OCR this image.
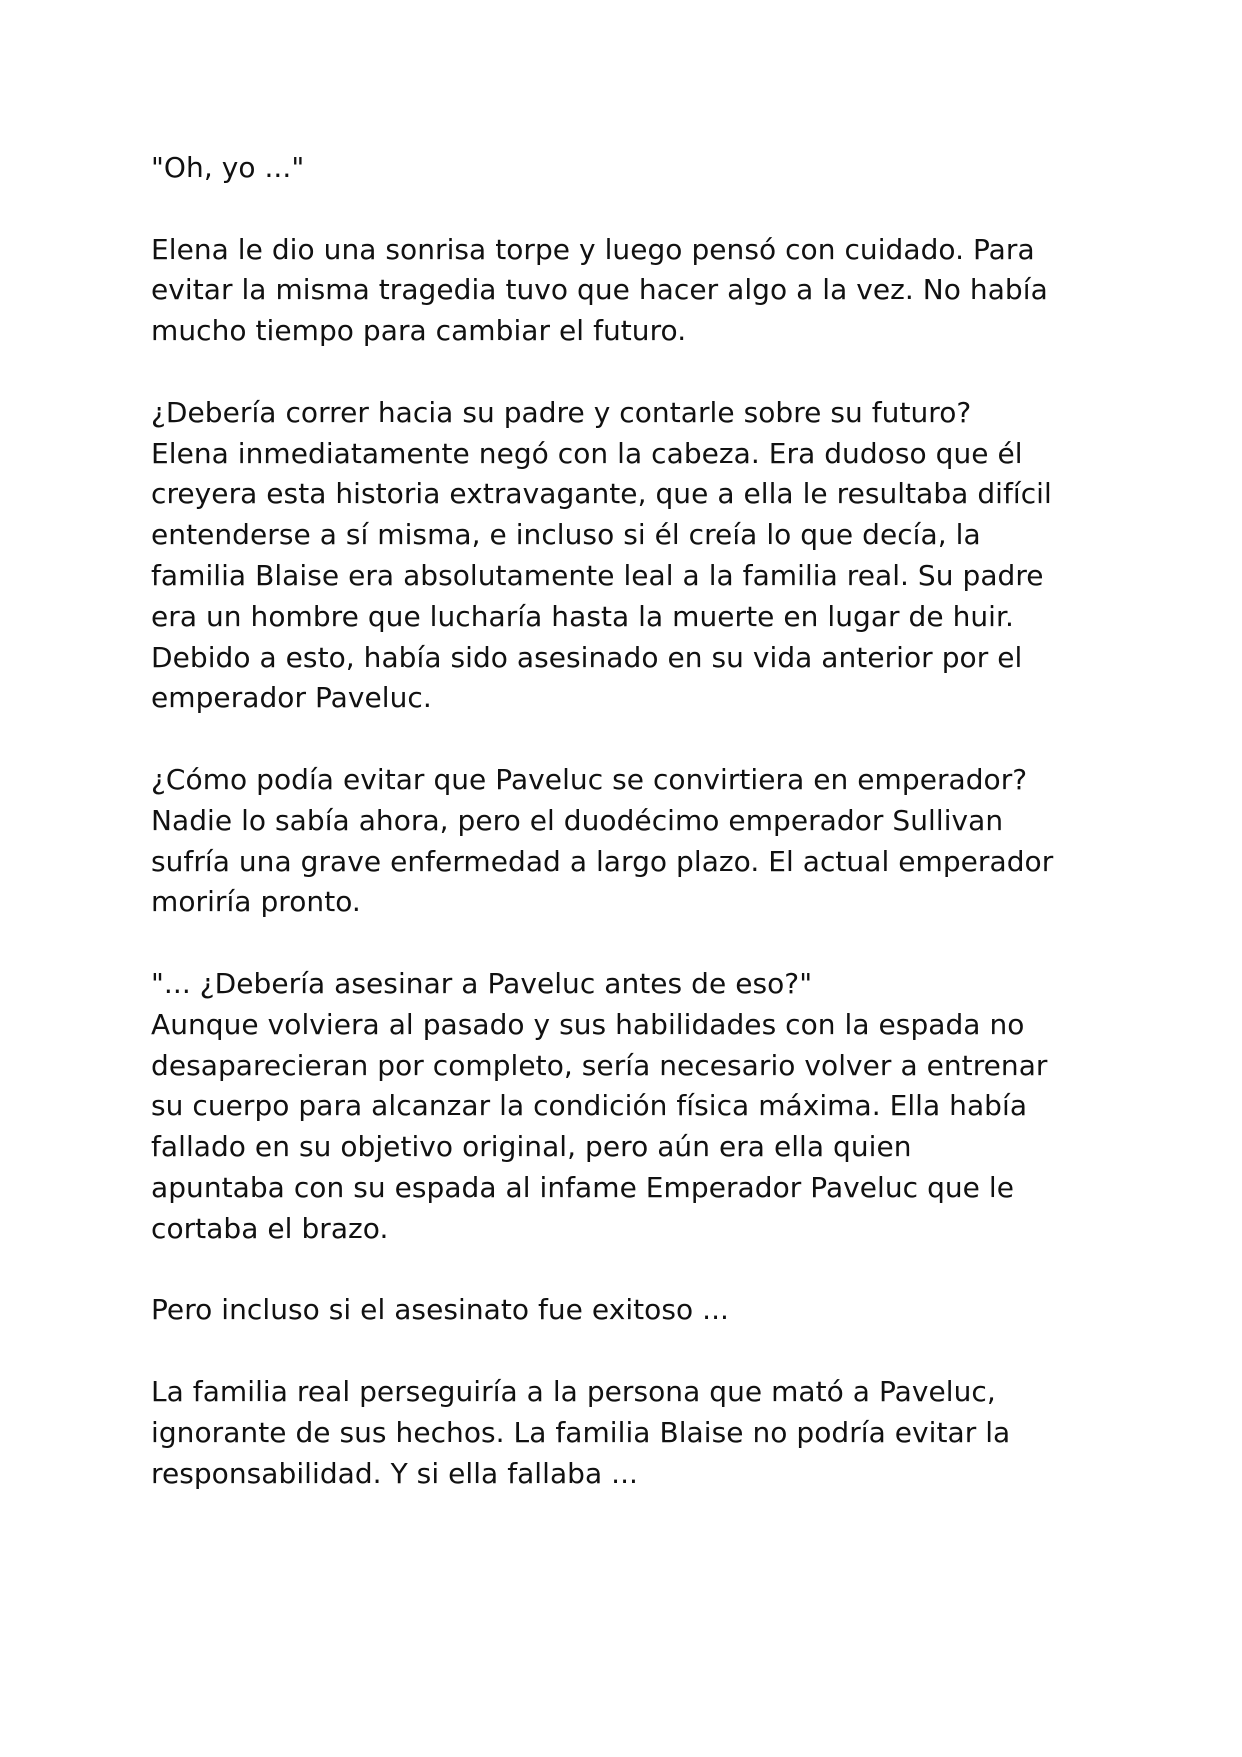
"Oh, yo ..."
Elena le dio una sonrisa torpe y luego pensó con cuidado. Para
evitar la misma tragedia tuvo que hacer algo a la vez. No había
mucho tiempo para cambiar el futuro.
¿Debería correr hacia su padre y contarle sobre su futuro?
Elena inmediatamente negó con la cabeza. Era dudoso que él
creyera esta historia extravagante, que a ella le resultaba difícil
entenderse a sí misma, e incluso si él creía lo que decía, la
familia Blaise era absolutamente leal a la familia real. Su padre
era un hombre que lucharía hasta la muerte en lugar de huir.
Debido a esto, había sido asesinado en su vida anterior por el
emperador Paveluc.
¿Cómo podía evitar que Paveluc se convirtiera en emperador?
Nadie lo sabía ahora, pero el duodécimo emperador Sullivan
sufría una grave enfermedad a largo plazo. El actual emperador
moriría pronto.
"... ¿Debería asesinar a Paveluc antes de eso?"
Aunque volviera al pasado y sus habilidades con la espada no
desaparecieran por completo, sería necesario volver a entrenar
su cuerpo para alcanzar la condición física máxima. Ella había
fallado en su objetivo original, pero aún era ella quien
apuntaba con su espada al infame Emperador Paveluc que le
cortaba el brazo.
Pero incluso si el asesinato fue exitoso ...
La familia real perseguiría a la persona que mató a Paveluc,
ignorante de sus hechos. La familia Blaise no podría evitar la
responsabilidad. Y si ella fallaba ...
